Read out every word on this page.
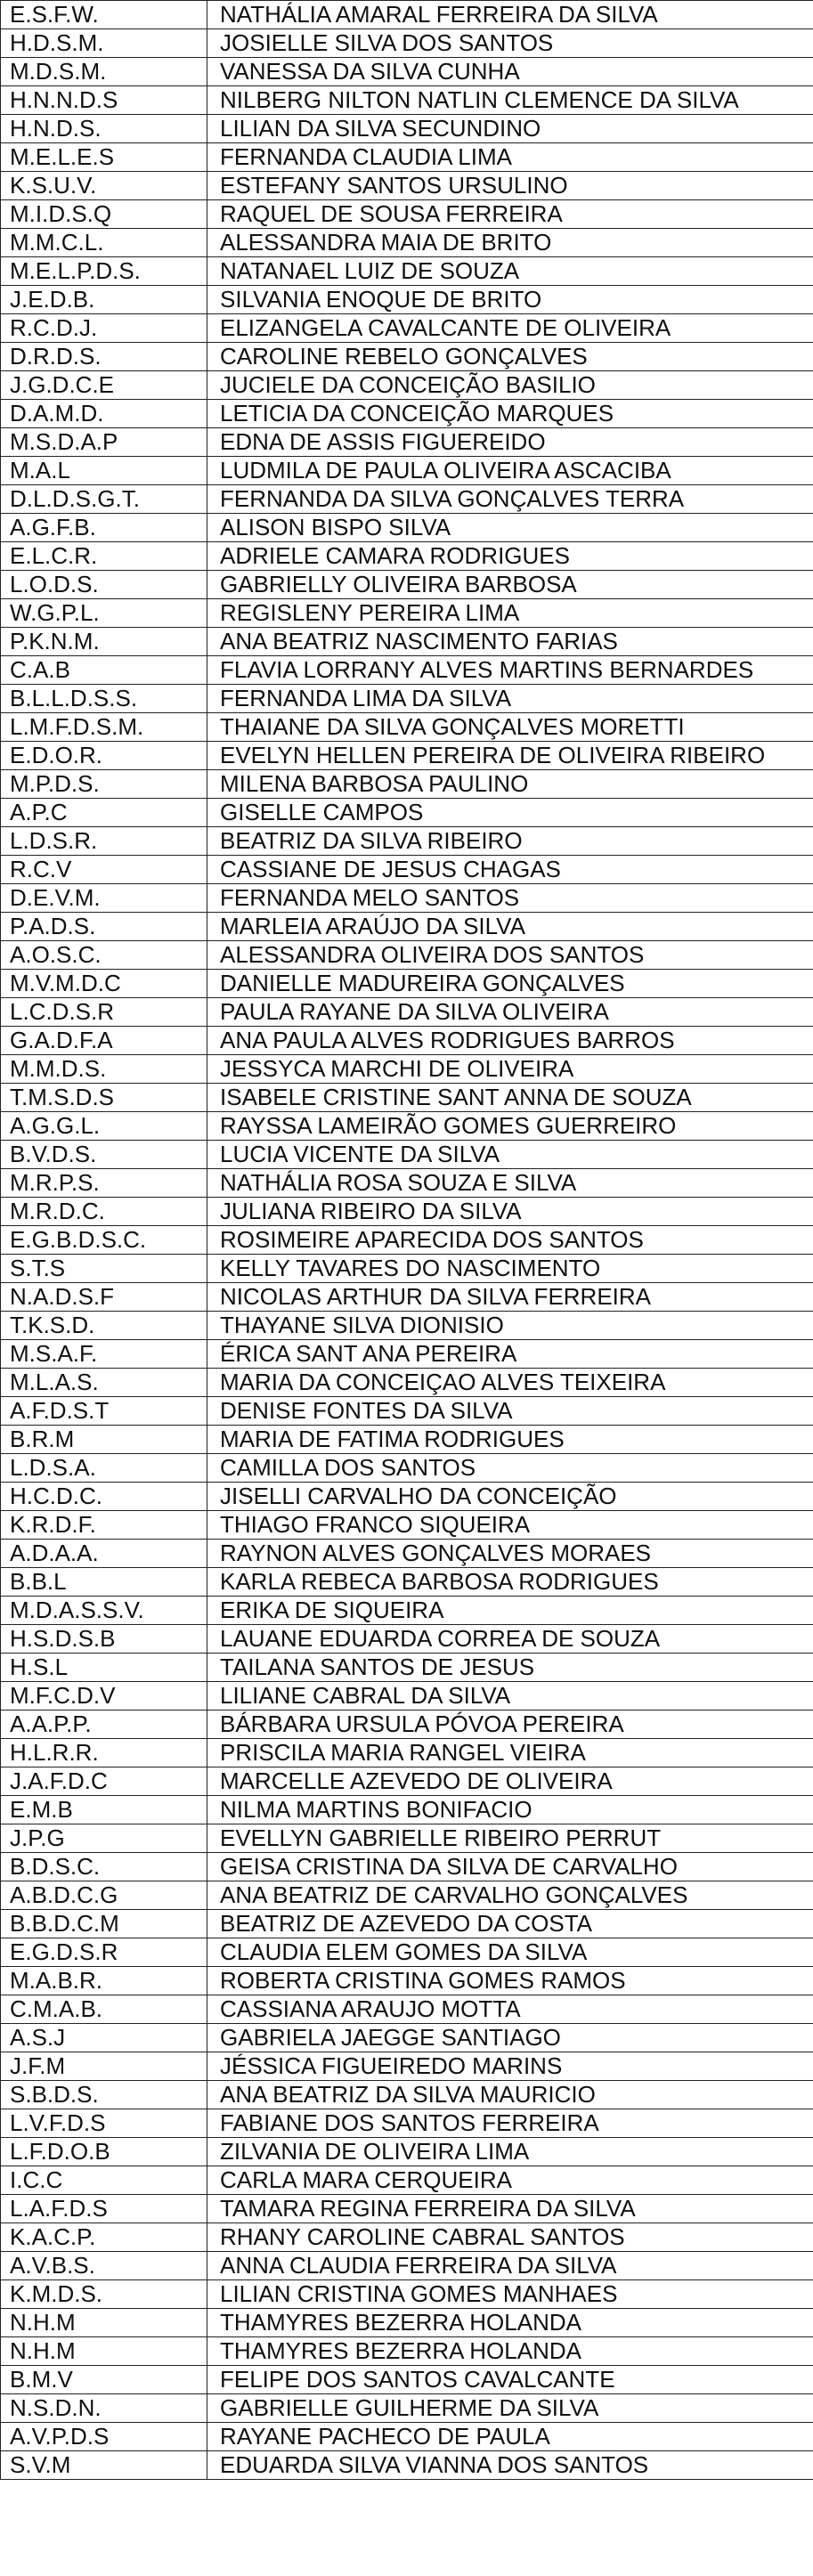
E.S.F.W.	NATHÁLIA AMARAL FERREIRA DA SILVA
H.D.S.M.	JOSIELLE SILVA DOS SANTOS
M.D.S.M.	VANESSA DA SILVA CUNHA
H.N.N.D.S	NILBERG NILTON NATLIN CLEMENCE DA SILVA
H.N.D.S.	LILIAN DA SILVA SECUNDINO
M.E.L.E.S	FERNANDA CLAUDIA LIMA
K.S.U.V.	ESTEFANY SANTOS URSULINO
M.I.D.S.Q	RAQUEL DE SOUSA FERREIRA
M.M.C.L.	ALESSANDRA MAIA DE BRITO
M.E.L.P.D.S.	NATANAEL LUIZ DE SOUZA
J.E.D.B.	SILVANIA ENOQUE DE BRITO
R.C.D.J.	ELIZANGELA CAVALCANTE DE OLIVEIRA
D.R.D.S.	CAROLINE REBELO GONÇALVES
J.G.D.C.E	JUCIELE DA CONCEIÇÃO BASILIO
D.A.M.D.	LETICIA DA CONCEIÇÃO MARQUES
M.S.D.A.P	EDNA DE ASSIS FIGUEREIDO
M.A.L	LUDMILA DE PAULA OLIVEIRA ASCACIBA
D.L.D.S.G.T.	FERNANDA DA SILVA GONÇALVES TERRA
A.G.F.B.	ALISON BISPO SILVA
E.L.C.R.	ADRIELE CAMARA RODRIGUES
L.O.D.S.	GABRIELLY OLIVEIRA BARBOSA
W.G.P.L.	REGISLENY PEREIRA LIMA
P.K.N.M.	ANA BEATRIZ NASCIMENTO FARIAS
C.A.B	FLAVIA LORRANY ALVES MARTINS BERNARDES
B.L.L.D.S.S.	FERNANDA LIMA DA SILVA
L.M.F.D.S.M.	THAIANE DA SILVA GONÇALVES MORETTI
E.D.O.R.	EVELYN HELLEN PEREIRA DE OLIVEIRA RIBEIRO
M.P.D.S.	MILENA BARBOSA PAULINO
A.P.C	GISELLE CAMPOS
L.D.S.R.	BEATRIZ DA SILVA RIBEIRO
R.C.V	CASSIANE DE JESUS CHAGAS
D.E.V.M.	FERNANDA MELO SANTOS
P.A.D.S.	MARLEIA ARAÚJO DA SILVA
A.O.S.C.	ALESSANDRA OLIVEIRA DOS SANTOS
M.V.M.D.C	DANIELLE MADUREIRA GONÇALVES
L.C.D.S.R	PAULA RAYANE DA SILVA OLIVEIRA
G.A.D.F.A	ANA PAULA ALVES RODRIGUES BARROS
M.M.D.S.	JESSYCA MARCHI DE OLIVEIRA
T.M.S.D.S	ISABELE CRISTINE SANT ANNA DE SOUZA
A.G.G.L.	RAYSSA LAMEIRÃO GOMES GUERREIRO
B.V.D.S.	LUCIA VICENTE DA SILVA
M.R.P.S.	NATHÁLIA ROSA SOUZA E SILVA
M.R.D.C.	JULIANA RIBEIRO DA SILVA
E.G.B.D.S.C.	ROSIMEIRE APARECIDA DOS SANTOS
S.T.S	KELLY TAVARES DO NASCIMENTO
N.A.D.S.F	NICOLAS ARTHUR DA SILVA FERREIRA
T.K.S.D.	THAYANE SILVA DIONISIO
M.S.A.F.	ÉRICA SANT ANA PEREIRA
M.L.A.S.	MARIA DA CONCEIÇAO ALVES TEIXEIRA
A.F.D.S.T	DENISE FONTES DA SILVA
B.R.M	MARIA DE FATIMA RODRIGUES
L.D.S.A.	CAMILLA DOS SANTOS
H.C.D.C.	JISELLI CARVALHO DA CONCEIÇÃO
K.R.D.F.	THIAGO FRANCO SIQUEIRA
A.D.A.A.	RAYNON ALVES GONÇALVES MORAES
B.B.L	KARLA REBECA BARBOSA RODRIGUES
M.D.A.S.S.V.	ERIKA DE SIQUEIRA
H.S.D.S.B	LAUANE EDUARDA CORREA DE SOUZA
H.S.L	TAILANA SANTOS DE JESUS
M.F.C.D.V	LILIANE CABRAL DA SILVA
A.A.P.P.	BÁRBARA URSULA PÓVOA PEREIRA
H.L.R.R.	PRISCILA MARIA RANGEL VIEIRA
J.A.F.D.C	MARCELLE AZEVEDO DE OLIVEIRA
E.M.B	NILMA MARTINS BONIFACIO
J.P.G	EVELLYN GABRIELLE RIBEIRO PERRUT
B.D.S.C.	GEISA CRISTINA DA SILVA DE CARVALHO
A.B.D.C.G	ANA BEATRIZ DE CARVALHO GONÇALVES
B.B.D.C.M	BEATRIZ DE AZEVEDO DA COSTA
E.G.D.S.R	CLAUDIA ELEM GOMES DA SILVA
M.A.B.R.	ROBERTA CRISTINA GOMES RAMOS
C.M.A.B.	CASSIANA ARAUJO MOTTA
A.S.J	GABRIELA JAEGGE SANTIAGO
J.F.M	JÉSSICA FIGUEIREDO MARINS
S.B.D.S.	ANA BEATRIZ DA SILVA MAURICIO
L.V.F.D.S	FABIANE DOS SANTOS FERREIRA
L.F.D.O.B	ZILVANIA DE OLIVEIRA LIMA
I.C.C	CARLA MARA CERQUEIRA
L.A.F.D.S	TAMARA REGINA FERREIRA DA SILVA
K.A.C.P.	RHANY CAROLINE CABRAL SANTOS
A.V.B.S.	ANNA CLAUDIA FERREIRA DA SILVA
K.M.D.S.	LILIAN CRISTINA GOMES MANHAES
N.H.M	THAMYRES BEZERRA HOLANDA
N.H.M	THAMYRES BEZERRA HOLANDA
B.M.V	FELIPE DOS SANTOS CAVALCANTE
N.S.D.N.	GABRIELLE GUILHERME DA SILVA
A.V.P.D.S	RAYANE PACHECO DE PAULA
S.V.M	EDUARDA SILVA VIANNA DOS SANTOS
